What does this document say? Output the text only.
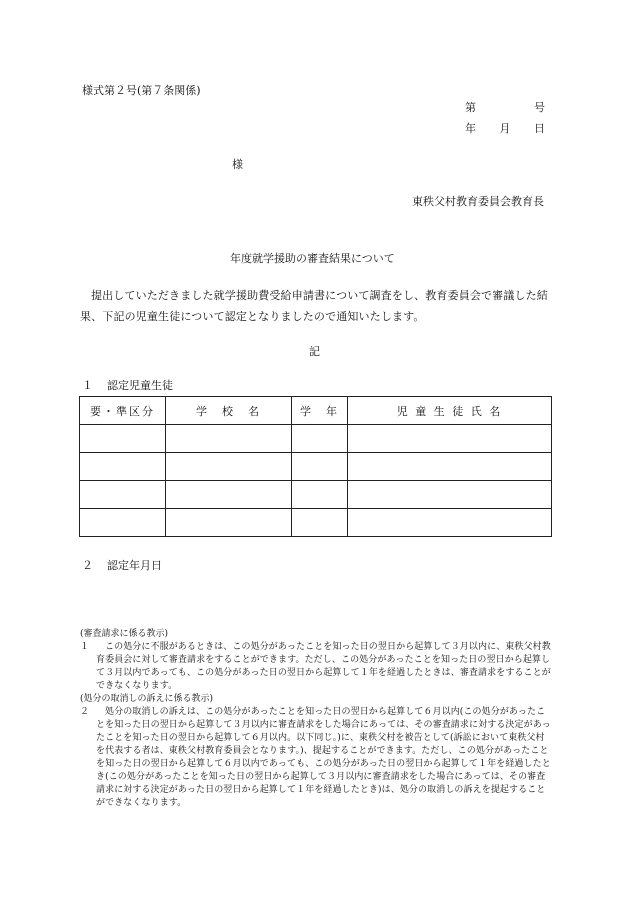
様式第２号(第７条関係)
第	号
年 月 日
様
東秩父村教育委員会教育長
年度就学援助の審査結果について
提出していただきました就学援助費受給申請書について調査をし、教育委員会で審議した結果、下記の児童生徒について認定となりましたので通知いたします。
記
１ 認定児童生徒
要・準区分	学　校　名	学　年	児 童 生 徒 氏 名

２ 認定年月日
(審査請求に係る教示)
１	この処分に不服があるときは、この処分があったことを知った日の翌日から起算して３月以内に、東秩父村教育委員会に対して審査請求をすることができます。ただし、この処分があったことを知った日の翌日から起算して３月以内であっても、この処分があった日の翌日から起算して１年を経過したときは、審査請求をすることができなくなります。
(処分の取消しの訴えに係る教示)
２	処分の取消しの訴えは、この処分があったことを知った日の翌日から起算して６月以内(この処分があったことを知った日の翌日から起算して３月以内に審査請求をした場合にあっては、その審査請求に対する決定があったことを知った日の翌日から起算して６月以内。以下同じ。)に、東秩父村を被告として(訴訟において東秩父村を代表する者は、東秩父村教育委員会となります。)、提起することができます。ただし、この処分があったことを知った日の翌日から起算して６月以内であっても、この処分があった日の翌日から起算して１年を経過したとき(この処分があったことを知った日の翌日から起算して３月以内に審査請求をした場合にあっては、その審査請求に対する決定があった日の翌日から起算して１年を経過したとき)は、処分の取消しの訴えを提起することができなくなります。
